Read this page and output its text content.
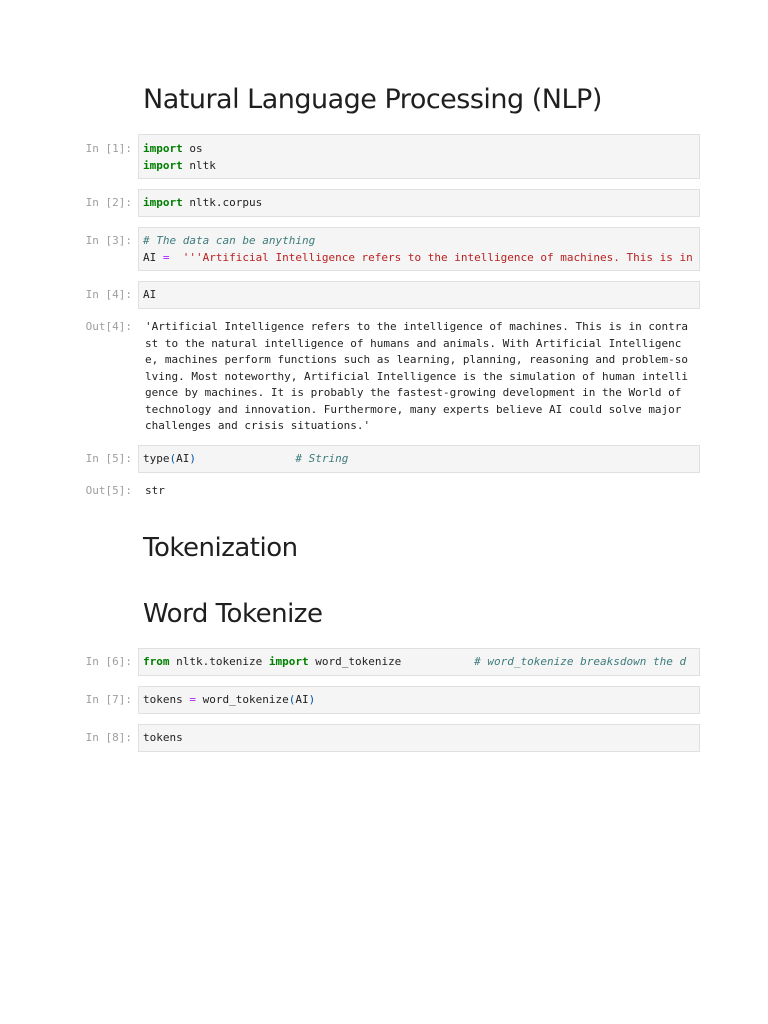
Natural Language Processing (NLP)
In [1]: import os
import nltk
In [2]: import nltk.corpus
In [3]: # The data can be anything
AI = '''Artificial Intelligence refers to the intelligence of machines. This is in
In [4]: AI
Out[4]: 'Artificial Intelligence refers to the intelligence of machines. This is in contra
st to the natural intelligence of humans and animals. With Artificial Intelligenc
e, machines perform functions such as learning, planning, reasoning and problem-so
lving. Most noteworthy, Artificial Intelligence is the simulation of human intelli
gence by machines. It is probably the fastest-growing development in the World of
technology and innovation. Furthermore, many experts believe AI could solve major
challenges and crisis situations.'
In [5]: type(AI)	# String
Out[5]: str
Tokenization
Word Tokenize
In [6]: from nltk.tokenize import word_tokenize	# word_tokenize breaksdown the d
In [7]: tokens = word_tokenize(AI)
In [8]: tokens
